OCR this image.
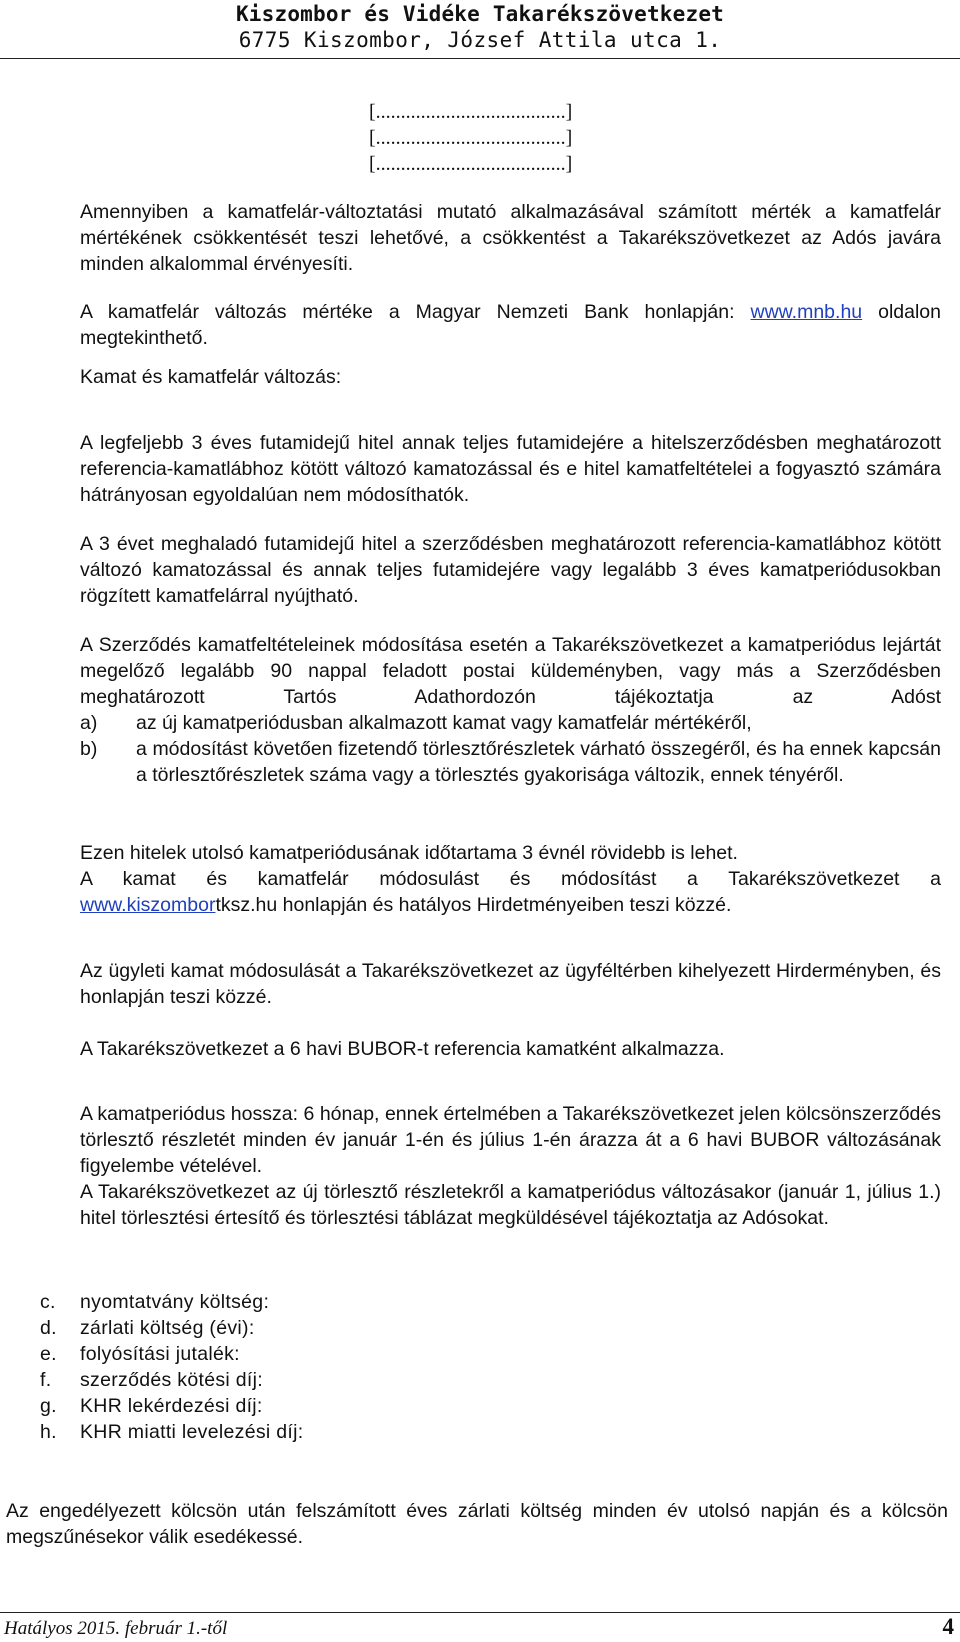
Kiszombor és Vidéke Takarékszövetkezet
6775 Kiszombor, József Attila utca 1.
[......................................]
[......................................]
[......................................]
Amennyiben a kamatfelár-változtatási mutató alkalmazásával számított mérték a kamatfelár mértékének csökkentését teszi lehetővé, a csökkentést a Takarékszövetkezet az Adós javára minden alkalommal érvényesíti.
A kamatfelár változás mértéke a Magyar Nemzeti Bank honlapján: www.mnb.hu oldalon megtekinthető.
Kamat és kamatfelár változás:
A legfeljebb 3 éves futamidejű hitel annak teljes futamidejére a hitelszerződésben meghatározott referencia-kamatlábhoz kötött változó kamatozással és e hitel kamatfeltételei a fogyasztó számára hátrányosan egyoldalúan nem módosíthatók.
A 3 évet meghaladó futamidejű hitel a szerződésben meghatározott referencia-kamatlábhoz kötött változó kamatozással és annak teljes futamidejére vagy legalább 3 éves kamatperiódusokban rögzített kamatfelárral nyújtható.
A Szerződés kamatfeltételeinek módosítása esetén a Takarékszövetkezet a kamatperiódus lejártát megelőző legalább 90 nappal feladott postai küldeményben, vagy más a Szerződésben meghatározott Tartós Adathordozón tájékoztatja az Adóst
a)	az új kamatperiódusban alkalmazott kamat vagy kamatfelár mértékéről,
b)	a módosítást követően fizetendő törlesztőrészletek várható összegéről, és ha ennek kapcsán a törlesztőrészletek száma vagy a törlesztés gyakorisága változik, ennek tényéről.
Ezen hitelek utolsó kamatperiódusának időtartama 3 évnél rövidebb is lehet.
A kamat és kamatfelár módosulást és módosítást a Takarékszövetkezet a
www.kiszombortksz.hu honlapján és hatályos Hirdetményeiben teszi közzé.
Az ügyleti kamat módosulását a Takarékszövetkezet az ügyféltérben kihelyezett Hirderményben, és honlapján teszi közzé.
A Takarékszövetkezet a 6 havi BUBOR-t referencia kamatként alkalmazza.
A kamatperiódus hossza: 6 hónap, ennek értelmében a Takarékszövetkezet jelen kölcsönszerződés törlesztő részletét minden év január 1-én és július 1-én árazza át a 6 havi BUBOR változásának figyelembe vételével.
A Takarékszövetkezet az új törlesztő részletekről a kamatperiódus változásakor (január 1, július 1.) hitel törlesztési értesítő és törlesztési táblázat megküldésével tájékoztatja az Adósokat.
c.	nyomtatvány költség:
d.	zárlati költség (évi):
e.	folyósítási jutalék:
f.	szerződés kötési díj:
g.	KHR lekérdezési díj:
h.	KHR miatti levelezési díj:
Az engedélyezett kölcsön után felszámított éves zárlati költség minden év utolsó napján és a kölcsön megszűnésekor válik esedékessé.
Hatályos 2015. február 1.-től	4
